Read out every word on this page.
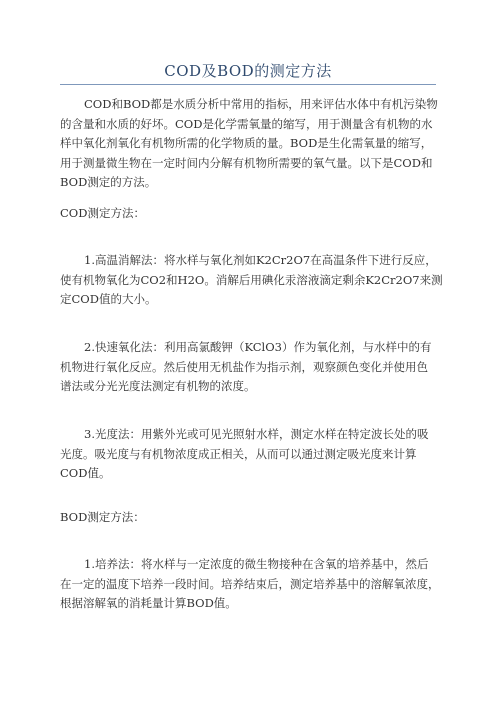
COD及BOD的测定方法
COD和BOD都是水质分析中常用的指标，用来评估水体中有机污染物
的含量和水质的好坏。COD是化学需氧量的缩写，用于测量含有机物的水
样中氧化剂氧化有机物所需的化学物质的量。BOD是生化需氧量的缩写，
用于测量微生物在一定时间内分解有机物所需要的氧气量。以下是COD和
BOD测定的方法。
COD测定方法：
1.高温消解法：将水样与氧化剂如K2Cr2O7在高温条件下进行反应，
使有机物氧化为CO2和H2O。消解后用碘化汞溶液滴定剩余K2Cr2O7来测
定COD值的大小。
2.快速氧化法：利用高氯酸钾（KClO3）作为氧化剂，与水样中的有
机物进行氧化反应。然后使用无机盐作为指示剂，观察颜色变化并使用色
谱法或分光光度法测定有机物的浓度。
3.光度法：用紫外光或可见光照射水样，测定水样在特定波长处的吸
光度。吸光度与有机物浓度成正相关，从而可以通过测定吸光度来计算
COD值。
BOD测定方法：
1.培养法：将水样与一定浓度的微生物接种在含氧的培养基中，然后
在一定的温度下培养一段时间。培养结束后，测定培养基中的溶解氧浓度，
根据溶解氧的消耗量计算BOD值。
